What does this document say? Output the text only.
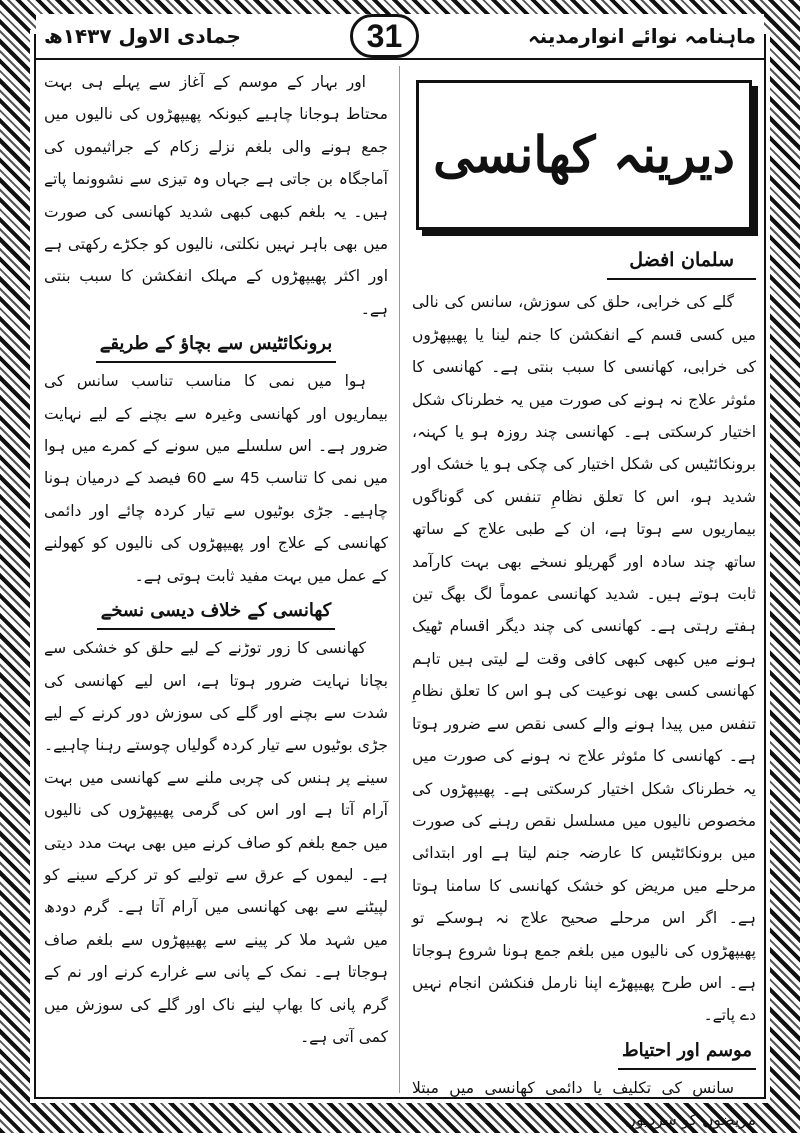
جمادی الاول ۱۴۳۷ھ	31	ماہنامہ نوائے انوارمدینہ
دیرینہ کھانسی
سلمان افضل

گلے کی خرابی، حلق کی سوزش، سانس کی نالی میں کسی قسم کے انفکشن کا جنم لینا یا پھیپھڑوں کی خرابی، کھانسی کا سبب بنتی ہے۔ کھانسی کا مئوثر علاج نہ ہونے کی صورت میں یہ خطرناک شکل اختیار کرسکتی ہے۔ کھانسی چند روزہ ہو یا کہنہ، برونکائٹیس کی شکل اختیار کی چکی ہو یا خشک اور شدید ہو، اس کا تعلق نظامِ تنفس کی گوناگوں بیماریوں سے ہوتا ہے، ان کے طبی علاج کے ساتھ ساتھ چند سادہ اور گھریلو نسخے بھی بہت کارآمد ثابت ہوتے ہیں۔ شدید کھانسی عموماً لگ بھگ تین ہفتے رہتی ہے۔ کھانسی کی چند دیگر اقسام ٹھیک ہونے میں کبھی کبھی کافی وقت لے لیتی ہیں تاہم کھانسی کسی بھی نوعیت کی ہو اس کا تعلق نظامِ تنفس میں پیدا ہونے والے کسی نقص سے ضرور ہوتا ہے۔ کھانسی کا مئوثر علاج نہ ہونے کی صورت میں یہ خطرناک شکل اختیار کرسکتی ہے۔ پھیپھڑوں کی مخصوص نالیوں میں مسلسل نقص رہنے کی صورت میں برونکائٹیس کا عارضہ جنم لیتا ہے اور ابتدائی مرحلے میں مریض کو خشک کھانسی کا سامنا ہوتا ہے۔ اگر اس مرحلے صحیح علاج نہ ہوسکے تو پھیپھڑوں کی نالیوں میں بلغم جمع ہونا شروع ہوجاتا ہے۔ اس طرح پھیپھڑے اپنا نارمل فنکشن انجام نہیں دے پاتے۔

موسم اور احتیاط

سانس کی تکلیف یا دائمی کھانسی میں مبتلا مریضوں کو سردیوں

اور بہار کے موسم کے آغاز سے پہلے ہی بہت محتاط ہوجانا چاہیے کیونکہ پھیپھڑوں کی نالیوں میں جمع ہونے والی بلغم نزلے زکام کے جراثیموں کی آماجگاہ بن جاتی ہے جہاں وہ تیزی سے نشوونما پاتے ہیں۔ یہ بلغم کبھی کبھی شدید کھانسی کی صورت میں بھی باہر نہیں نکلتی، نالیوں کو جکڑے رکھتی ہے اور اکثر پھیپھڑوں کے مہلک انفکشن کا سبب بنتی ہے۔

برونکائٹیس سے بچاؤ کے طریقے

ہوا میں نمی کا مناسب تناسب سانس کی بیماریوں اور کھانسی وغیرہ سے بچنے کے لیے نہایت ضرور ہے۔ اس سلسلے میں سونے کے کمرے میں ہوا میں نمی کا تناسب 45 سے 60 فیصد کے درمیان ہونا چاہیے۔ جڑی بوٹیوں سے تیار کردہ چائے اور دائمی کھانسی کے علاج اور پھیپھڑوں کی نالیوں کو کھولنے کے عمل میں بہت مفید ثابت ہوتی ہے۔

کھانسی کے خلاف دیسی نسخے

کھانسی کا زور توڑنے کے لیے حلق کو خشکی سے بچانا نہایت ضرور ہوتا ہے، اس لیے کھانسی کی شدت سے بچنے اور گلے کی سوزش دور کرنے کے لیے جڑی بوٹیوں سے تیار کردہ گولیاں چوستے رہنا چاہیے۔ سینے پر ہنس کی چربی ملنے سے کھانسی میں بہت آرام آتا ہے اور اس کی گرمی پھیپھڑوں کی نالیوں میں جمع بلغم کو صاف کرنے میں بھی بہت مدد دیتی ہے۔ لیموں کے عرق سے تولیے کو تر کرکے سینے کو لپیٹنے سے بھی کھانسی میں آرام آتا ہے۔ گرم دودھ میں شہد ملا کر پینے سے پھیپھڑوں سے بلغم صاف ہوجاتا ہے۔ نمک کے پانی سے غرارے کرنے اور نم کے گرم پانی کا بھاپ لینے ناک اور گلے کی سوزش میں کمی آتی ہے۔
